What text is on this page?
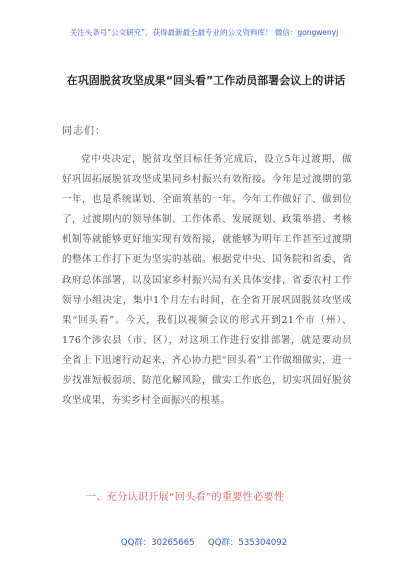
关注头条号“公文研究”，获得最新最全最专业的公文资料库！ 微信：gongwenyj
在巩固脱贫攻坚成果“回头看”工作动员部署会议上的讲话
同志们：

党中央决定，脱贫攻坚目标任务完成后，设立5年过渡期，做好巩固拓展脱贫攻坚成果同乡村振兴有效衔接。今年是过渡期的第一年，也是系统谋划、全面筑基的一年。今年工作做好了、做到位了，过渡期内的领导体制、工作体系、发展规划、政策举措、考核机制等就能够更好地实现有效衔接，就能够为明年工作甚至过渡期的整体工作打下更为坚实的基础。根据党中央、国务院和省委、省政府总体部署，以及国家乡村振兴局有关具体安排，省委农村工作领导小组决定，集中1个月左右时间，在全省开展巩固脱贫攻坚成果“回头看”。今天，我们以视频会议的形式开到21个市（州）、176个涉农县（市、区），对这项工作进行安排部署，就是要动员全省上下迅速行动起来，齐心协力把“回头看”工作做细做实，进一步找准短板弱项、防范化解风险，做实工作底色，切实巩固好脱贫攻坚成果，夯实乡村全面振兴的根基。

一、充分认识开展“回头看”的重要性必要性
QQ群：30265665     QQ群：535304092
